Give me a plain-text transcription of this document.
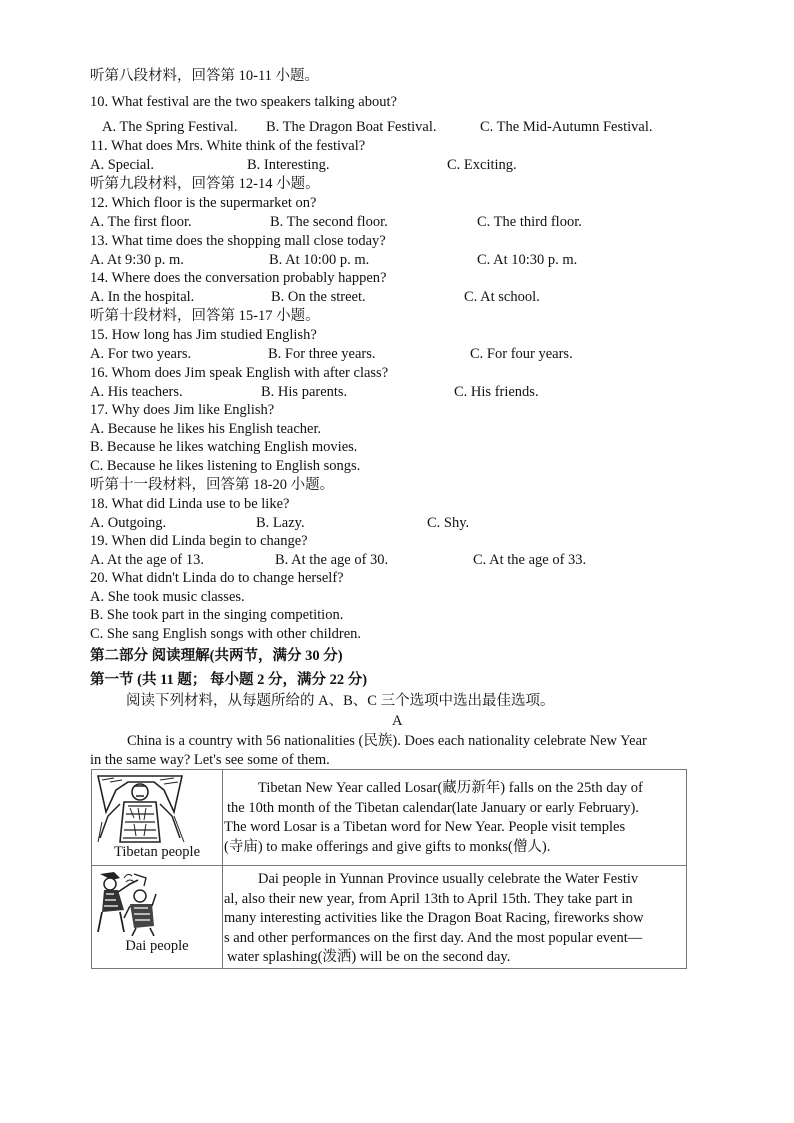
听第八段材料，回答第 10-11 小题。
10. What festival are the two speakers talking about?
A. The Spring Festival. B. The Dragon Boat Festival.	C. The Mid-Autumn Festival.
11. What does Mrs. White think of the festival?
A. Special.	B. Interesting.	C. Exciting.
听第九段材料，回答第 12-14 小题。
12. Which floor is the supermarket on?
A. The first floor.	B. The second floor.	C. The third floor.
13. What time does the shopping mall close today?
A. At 9:30 p. m.	B. At 10:00 p. m.	C. At 10:30 p. m.
14. Where does the conversation probably happen?
A. In the hospital.	B. On the street.	C. At school.
听第十段材料，回答第 15-17 小题。
15. How long has Jim studied English?
A. For two years.	B. For three years.	C. For four years.
16. Whom does Jim speak English with after class?
A. His teachers.	B. His parents.	C. His friends.
17. Why does Jim like English?
A. Because he likes his English teacher.
B. Because he likes watching English movies.
C. Because he likes listening to English songs.
听第十一段材料，回答第 18-20 小题。
18. What did Linda use to be like?
A. Outgoing.	B. Lazy.	C. Shy.
19. When did Linda begin to change?
A. At the age of 13.	B. At the age of 30.	C. At the age of 33.
20. What didn't Linda do to change herself?
A. She took music classes.
B. She took part in the singing competition.
C. She sang English songs with other children.
第二部分 阅读理解(共两节，满分 30 分)
第一节 (共 11 题； 每小题 2 分，满分 22 分)
阅读下列材料，从每题所给的 A、B、C 三个选项中选出最佳选项。
A
China is a country with 56 nationalities (民族). Does each nationality celebrate New Year
in the same way? Let's see some of them.
Tibetan people

Tibetan New Year called Losar(藏历新年) falls on the 25th day of

the 10th month of the Tibetan calendar(late January or early February).

The word Losar is a Tibetan word for New Year. People visit temples

(寺庙) to make offerings and give gifts to monks(僧人).

Dai people

Dai people in Yunnan Province usually celebrate the Water Festiv

al, also their new year, from April 13th to April 15th. They take part in

many interesting activities like the Dragon Boat Racing, fireworks show

s and other performances on the first day. And the most popular event—

water splashing(泼洒) will be on the second day.
